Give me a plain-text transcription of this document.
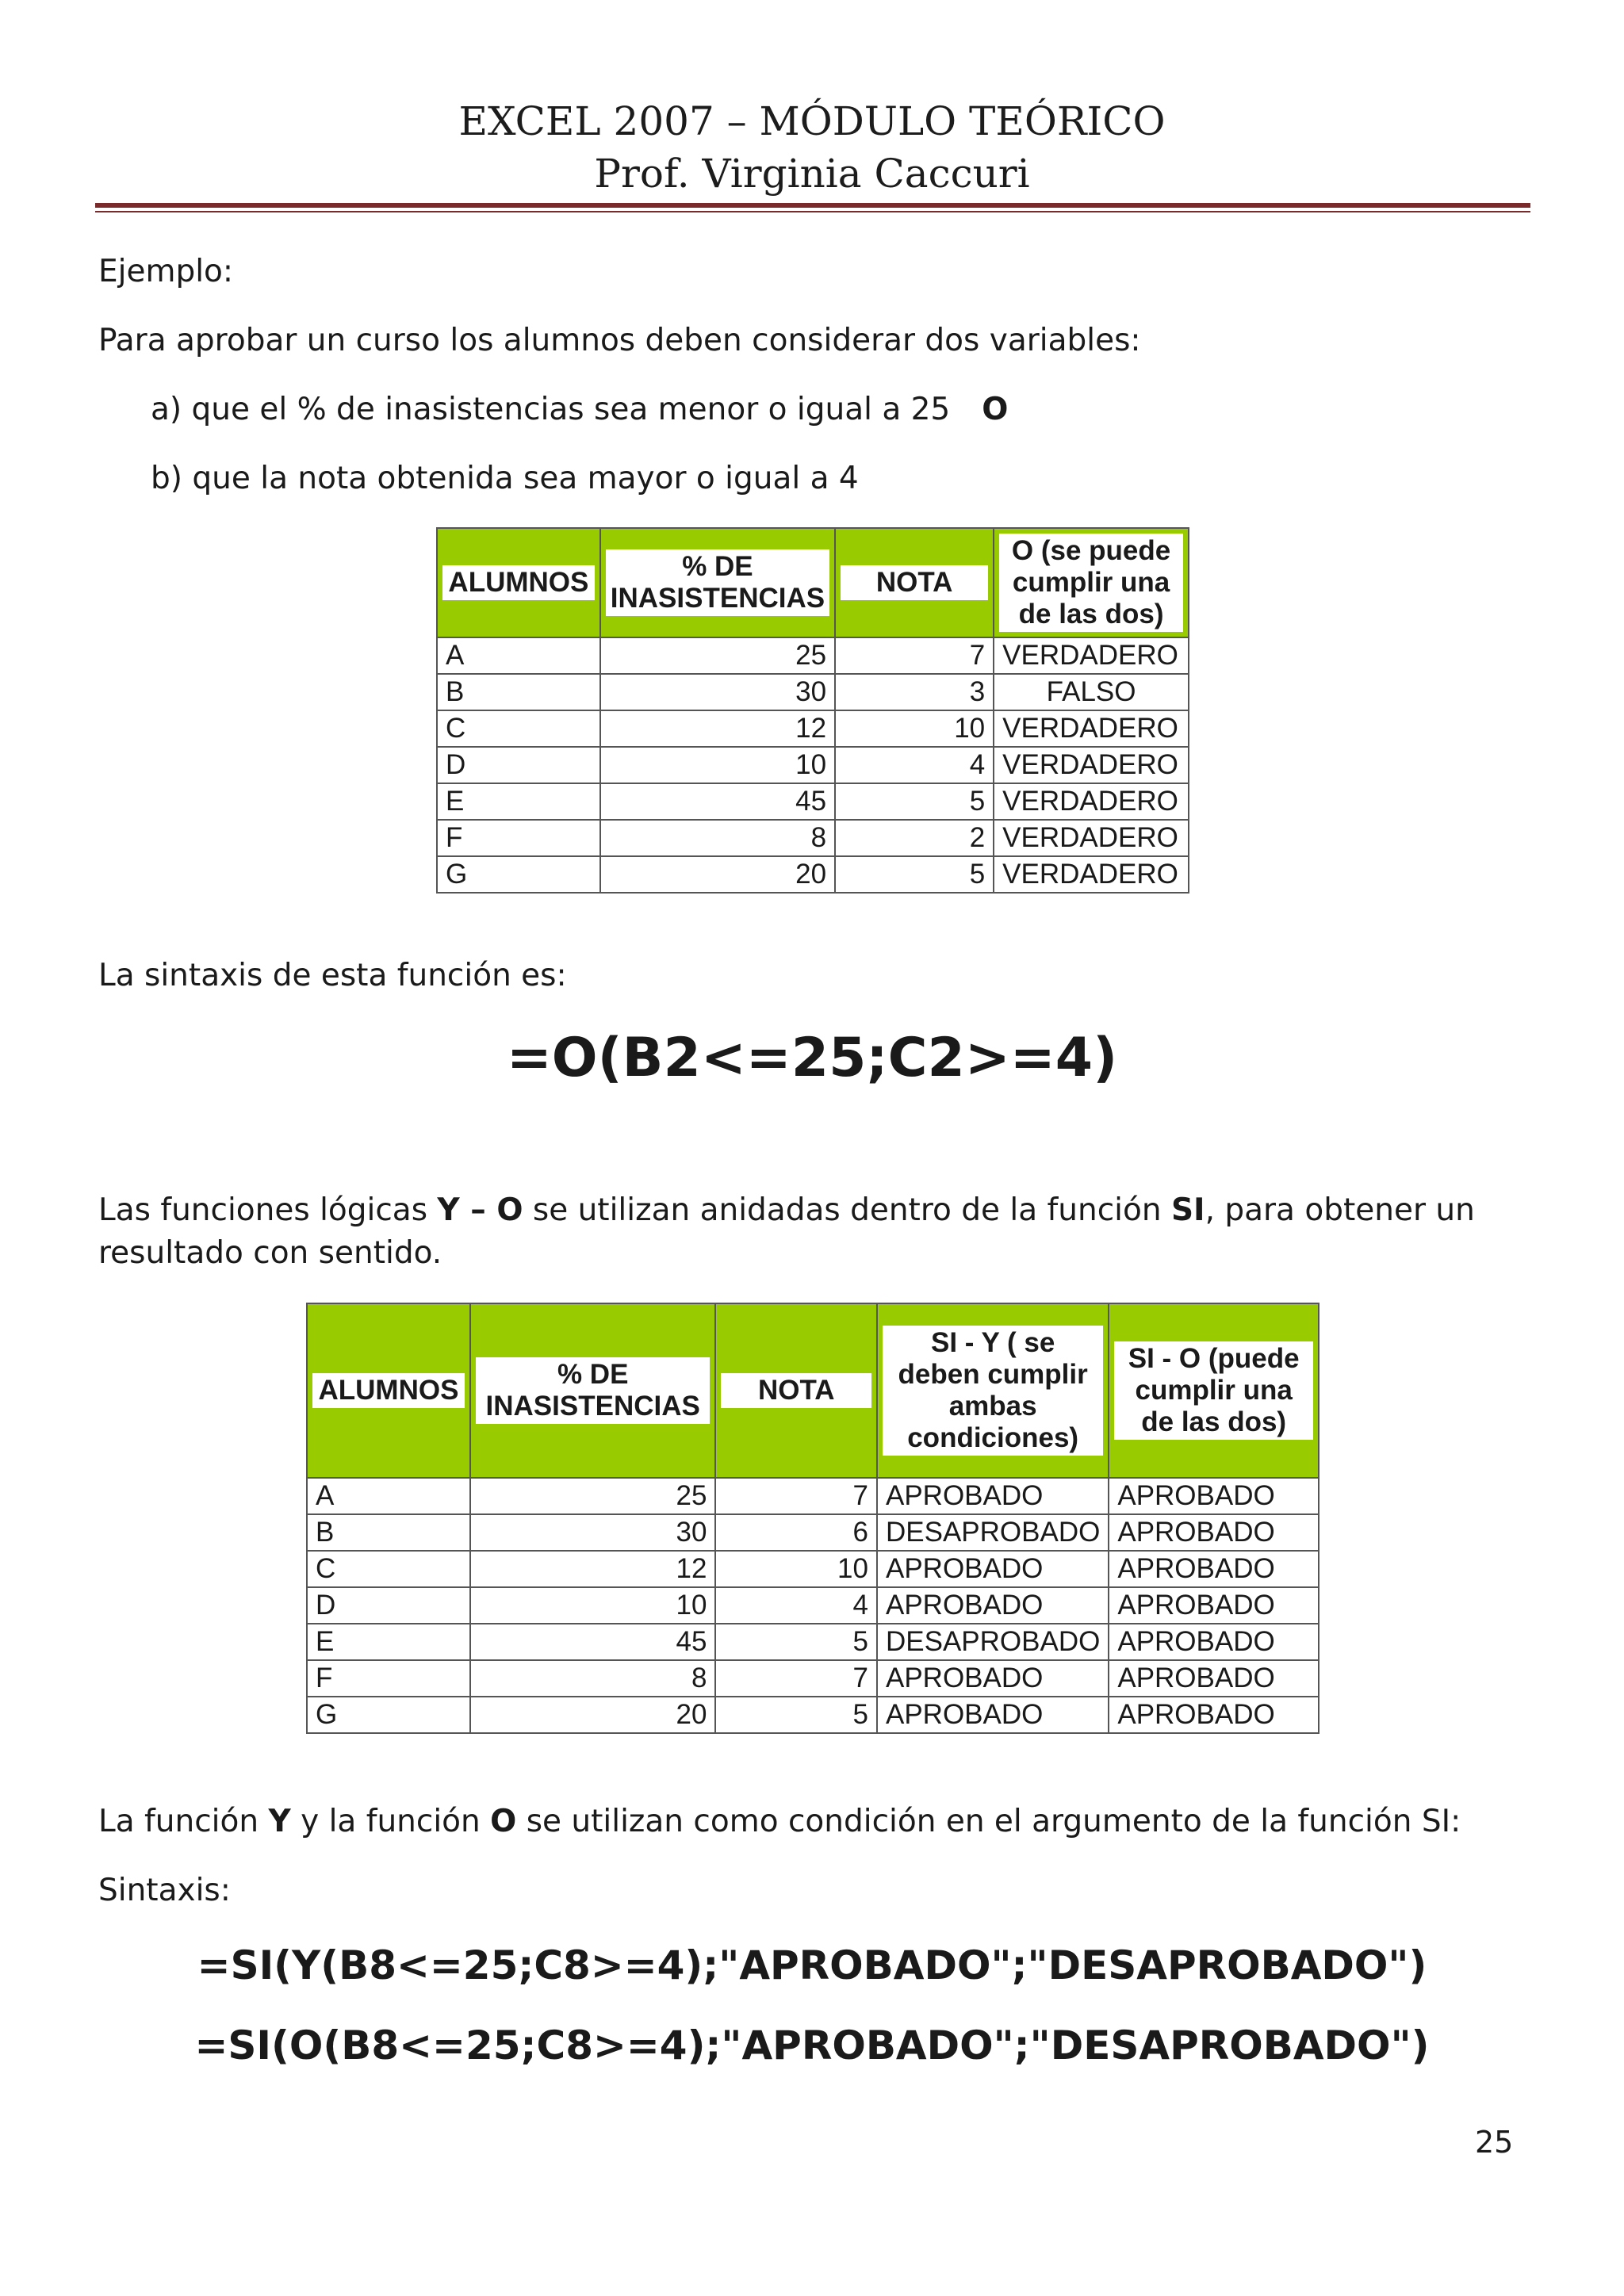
EXCEL 2007 – MÓDULO TEÓRICO
Prof. Virginia Caccuri
Ejemplo:
Para aprobar un curso los alumnos deben considerar dos variables:
a) que el % de inasistencias sea menor o igual a 25 O
b) que la nota obtenida sea mayor o igual a 4
ALUMNOS	% DE INASISTENCIAS	NOTA	O (se puede cumplir una de las dos)

A	25	7	VERDADERO
B	30	3	FALSO
C	12	10	VERDADERO
D	10	4	VERDADERO
E	45	5	VERDADERO
F	8	2	VERDADERO
G	20	5	VERDADERO
La sintaxis de esta función es:
=O(B2<=25;C2>=4)
Las funciones lógicas Y – O se utilizan anidadas dentro de la función SI, para obtener un resultado con sentido.
ALUMNOS	% DE INASISTENCIAS	NOTA	SI - Y ( se deben cumplir ambas condiciones)	SI - O (puede cumplir una de las dos)

A	25	7	APROBADO	APROBADO
B	30	6	DESAPROBADO	APROBADO
C	12	10	APROBADO	APROBADO
D	10	4	APROBADO	APROBADO
E	45	5	DESAPROBADO	APROBADO
F	8	7	APROBADO	APROBADO
G	20	5	APROBADO	APROBADO
La función Y y la función O se utilizan como condición en el argumento de la función SI:
Sintaxis:
=SI(Y(B8<=25;C8>=4);"APROBADO";"DESAPROBADO")
=SI(O(B8<=25;C8>=4);"APROBADO";"DESAPROBADO")
25
